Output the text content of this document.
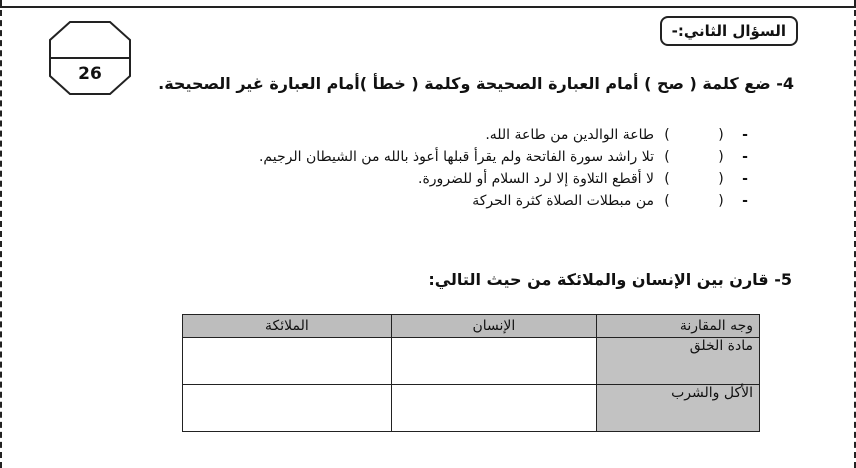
26
السؤال الثاني:-
4- ضع كلمة ( صح ) أمام العبارة الصحيحة وكلمة ( خطأ )أمام العبارة غير الصحيحة.
-
(
)
طاعة الوالدين من طاعة الله.
-
(
)
تلا راشد سورة الفاتحة ولم يقرأ قبلها أعوذ بالله من الشيطان الرجيم.
-
(
)
لا أقطع التلاوة إلا لرد السلام أو للضرورة.
-
(
)
من مبطلات الصلاة كثرة الحركة
5- قارن بين الإنسان والملائكة من حيث التالي:
وجه المقارنة	الإنسان	الملائكة
مادة الخلق		
الأكل والشرب		
